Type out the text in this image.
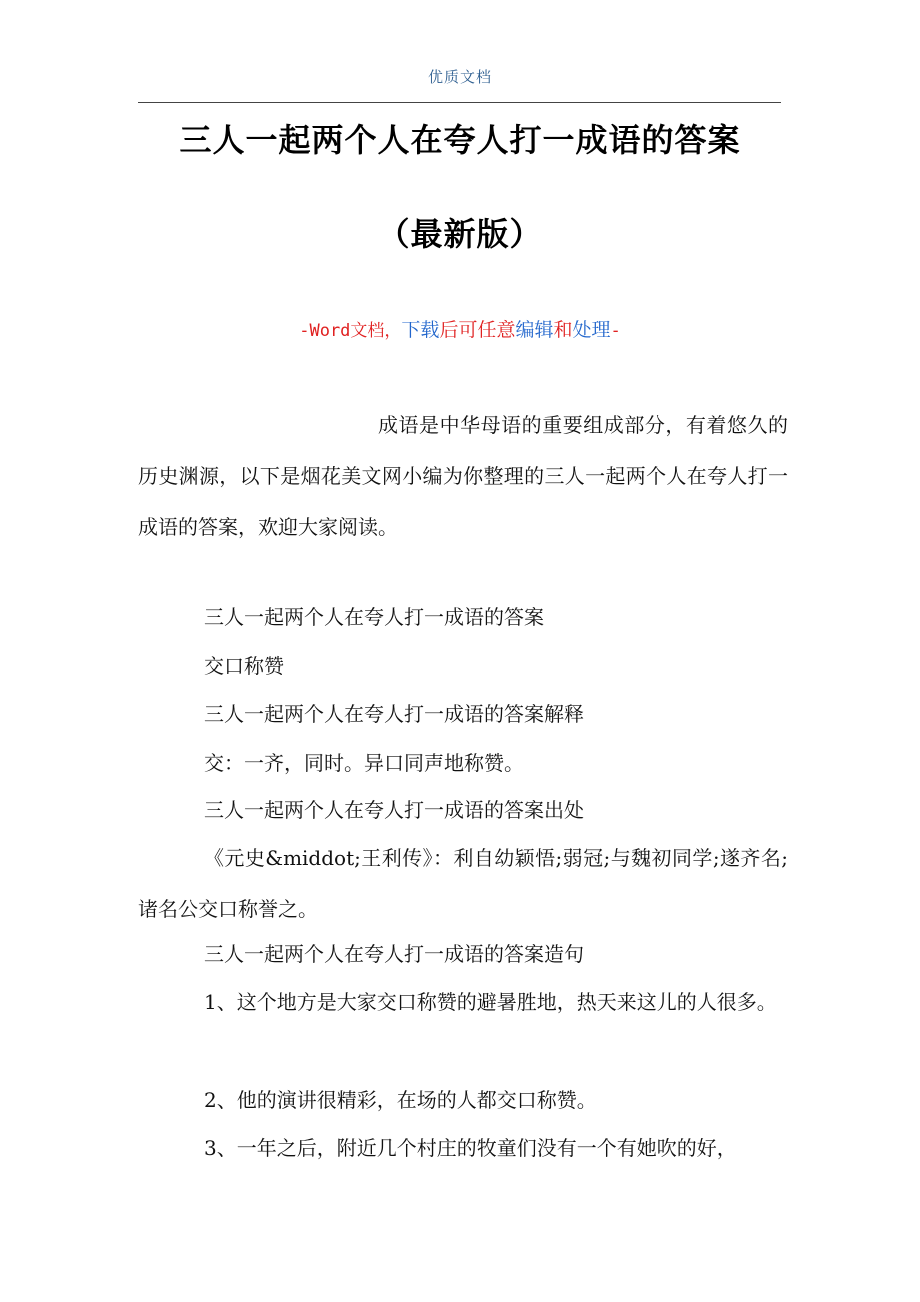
优质文档
三人一起两个人在夸人打一成语的答案
（最新版）
-Word文档，下载后可任意编辑和处理-

成语是中华母语的重要组成部分，有着悠久的历史渊源，以下是烟花美文网小编为你整理的三人一起两个人在夸人打一成语的答案，欢迎大家阅读。

三人一起两个人在夸人打一成语的答案

交口称赞

三人一起两个人在夸人打一成语的答案解释

交：一齐，同时。异口同声地称赞。

三人一起两个人在夸人打一成语的答案出处

《元史&middot;王利传》：利自幼颖悟;弱冠;与魏初同学;遂齐名;诸名公交口称誉之。

三人一起两个人在夸人打一成语的答案造句

1、这个地方是大家交口称赞的避暑胜地，热天来这儿的人很多。

2、他的演讲很精彩，在场的人都交口称赞。

3、一年之后，附近几个村庄的牧童们没有一个有她吹的好，
